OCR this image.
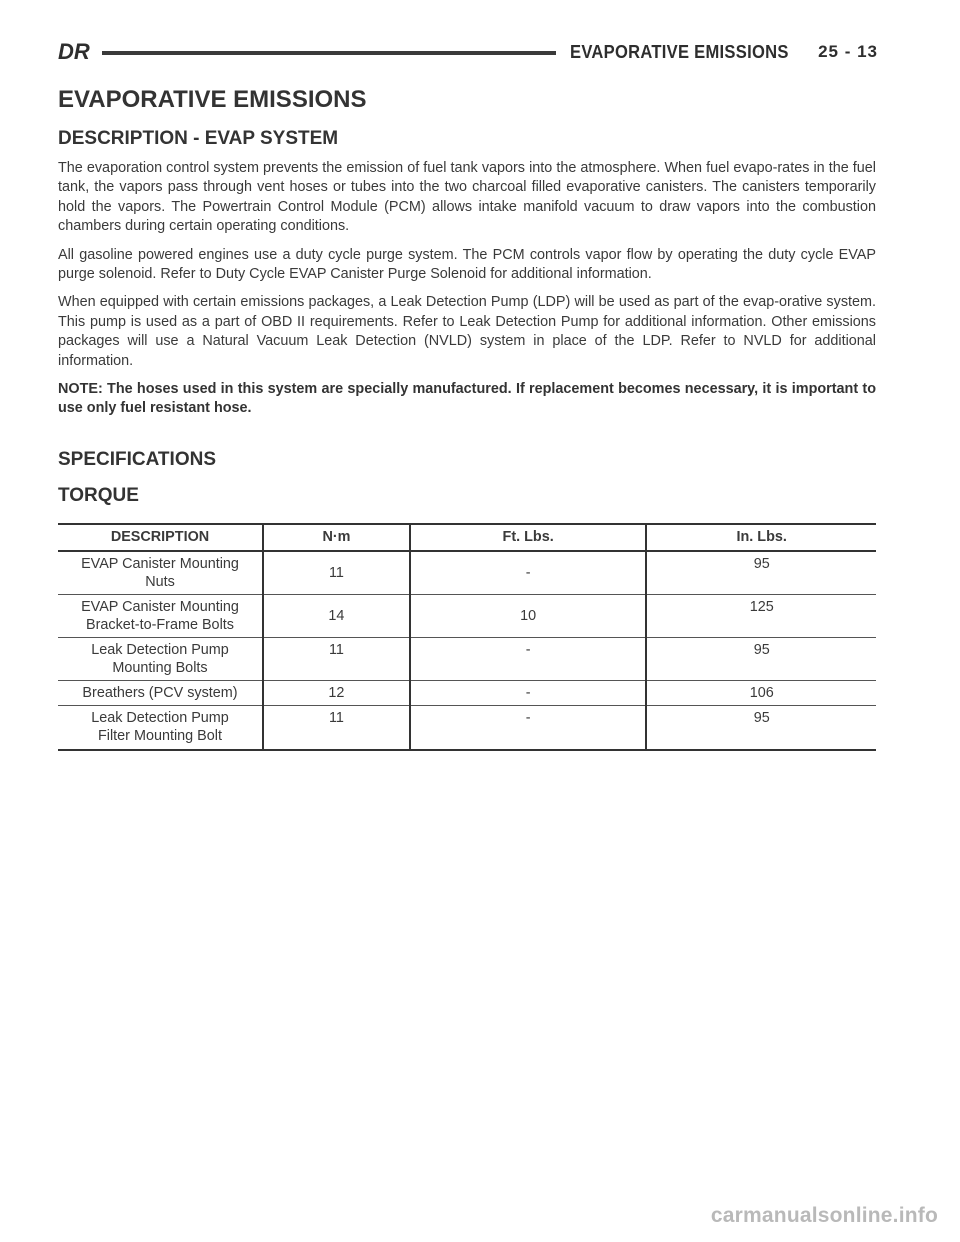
DR	EVAPORATIVE EMISSIONS 25 - 13
EVAPORATIVE EMISSIONS
DESCRIPTION - EVAP SYSTEM

The evaporation control system prevents the emission of fuel tank vapors into the atmosphere. When fuel evapo-rates in the fuel tank, the vapors pass through vent hoses or tubes into the two charcoal filled evaporative canisters. The canisters temporarily hold the vapors. The Powertrain Control Module (PCM) allows intake manifold vacuum to draw vapors into the combustion chambers during certain operating conditions.

All gasoline powered engines use a duty cycle purge system. The PCM controls vapor flow by operating the duty cycle EVAP purge solenoid. Refer to Duty Cycle EVAP Canister Purge Solenoid for additional information.

When equipped with certain emissions packages, a Leak Detection Pump (LDP) will be used as part of the evap-orative system. This pump is used as a part of OBD II requirements. Refer to Leak Detection Pump for additional information. Other emissions packages will use a Natural Vacuum Leak Detection (NVLD) system in place of the LDP. Refer to NVLD for additional information.

NOTE: The hoses used in this system are specially manufactured. If replacement becomes necessary, it is important to use only fuel resistant hose.

SPECIFICATIONS
TORQUE
DESCRIPTION	N·m	Ft. Lbs.	In. Lbs.

EVAP Canister Mounting
Nuts	11	-	95

EVAP Canister Mounting
Bracket-to-Frame Bolts	14	10	125

Leak Detection Pump
Mounting Bolts	11	-	95

Breathers (PCV system)	12	-	106

Leak Detection Pump
Filter Mounting Bolt	11	-	95
carmanualsonline.info
